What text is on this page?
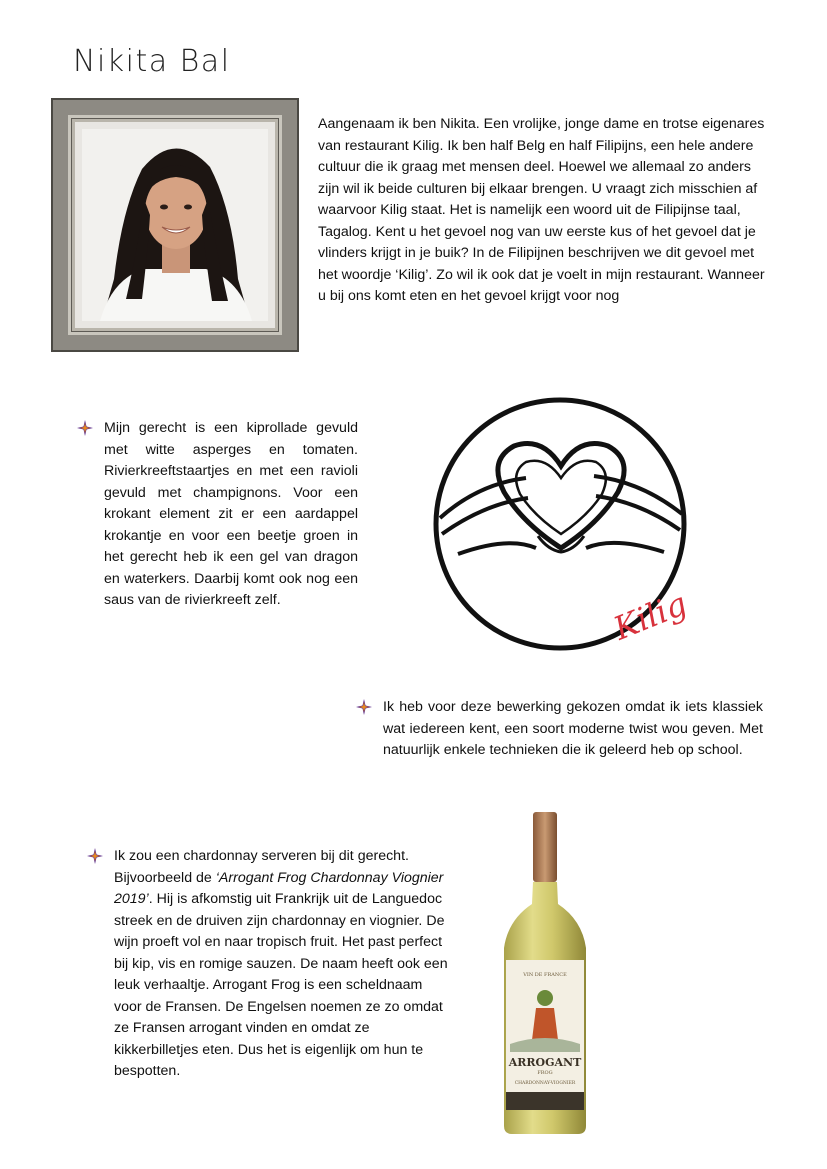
Nikita Bal

Aangenaam ik ben Nikita. Een vrolijke, jonge dame en trotse eigenares van restaurant Kilig. Ik ben half Belg en half Filipijns, een hele andere cultuur die ik graag met mensen deel. Hoewel we allemaal zo anders zijn wil ik beide culturen bij elkaar brengen. U vraagt zich misschien af waarvoor Kilig staat. Het is namelijk een woord uit de Filipijnse taal, Tagalog. Kent u het gevoel nog van uw eerste kus of het gevoel dat je vlinders krijgt in je buik? In de Filipijnen beschrijven we dit gevoel met het woordje ‘Kilig’. Zo wil ik ook dat je voelt in mijn restaurant. Wanneer u bij ons komt eten en het gevoel krijgt voor nog

Mijn gerecht is een kiprollade gevuld met witte asperges en tomaten. Rivierkreeftstaartjes en met een ravioli gevuld met champignons. Voor een krokant element zit er een aardappel krokantje en voor een beetje groen in het gerecht heb ik een gel van dragon en waterkers. Daarbij komt ook nog een saus van de rivierkreeft zelf.	Kilig

Ik heb voor deze bewerking gekozen omdat ik iets klassiek wat iedereen kent, een soort moderne twist wou geven. Met natuurlijk enkele technieken die ik geleerd heb op school.

Ik zou een chardonnay serveren bij dit gerecht. Bijvoorbeeld de ‘Arrogant Frog Chardonnay Viognier 2019’. Hij is afkomstig uit Frankrijk uit de Languedoc streek en de druiven zijn chardonnay en viognier. De wijn proeft vol en naar tropisch fruit. Het past perfect bij kip, vis en romige sauzen. De naam heeft ook een leuk verhaaltje. Arrogant Frog is een scheldnaam voor de Fransen. De Engelsen noemen ze zo omdat ze Fransen arrogant vinden en omdat ze kikkerbilletjes eten. Dus het is eigenlijk om hun te bespotten.

VIN DE FRANCE
ARROGANT
FROG
CHARDONNAY-VIOGNIER
